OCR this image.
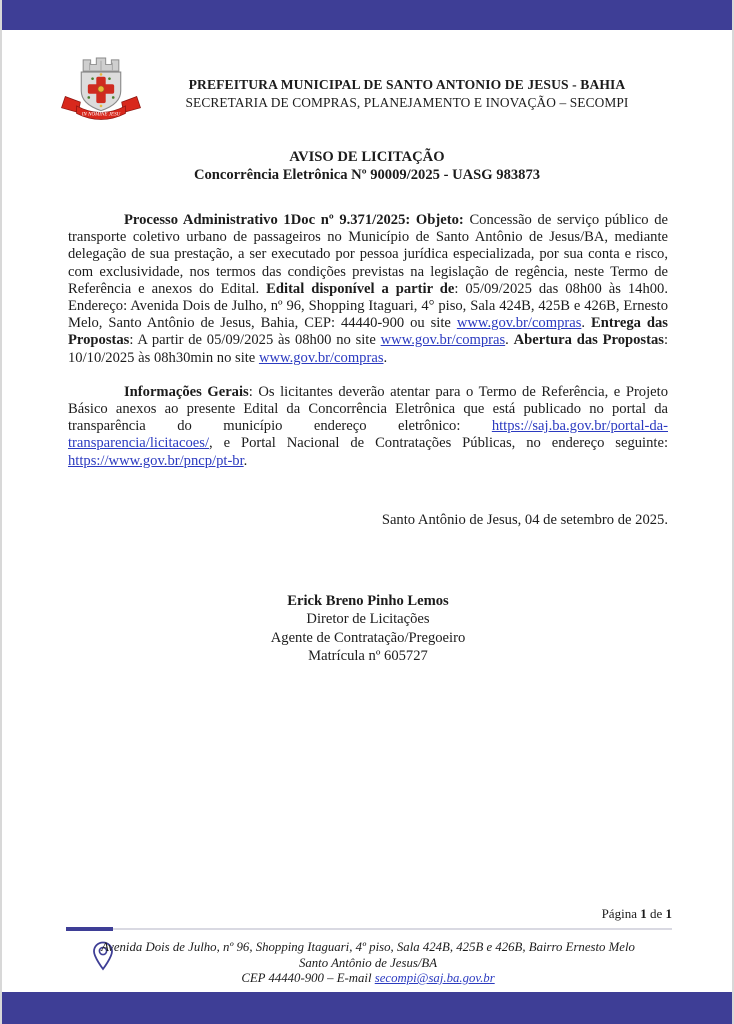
IN NOMINE JESU
PREFEITURA MUNICIPAL DE SANTO ANTONIO DE JESUS - BAHIA
SECRETARIA DE COMPRAS, PLANEJAMENTO E INOVAÇÃO – SECOMPI
AVISO DE LICITAÇÃO
Concorrência Eletrônica Nº 90009/2025 - UASG 983873

Processo Administrativo 1Doc nº 9.371/2025: Objeto: Concessão de serviço público de transporte coletivo urbano de passageiros no Município de Santo Antônio de Jesus/BA, mediante delegação de sua prestação, a ser executado por pessoa jurídica especializada, por sua conta e risco, com exclusividade, nos termos das condições previstas na legislação de regência, neste Termo de Referência e anexos do Edital. Edital disponível a partir de: 05/09/2025 das 08h00 às 14h00. Endereço: Avenida Dois de Julho, nº 96, Shopping Itaguari, 4° piso, Sala 424B, 425B e 426B, Ernesto Melo, Santo Antônio de Jesus, Bahia, CEP: 44440-900 ou site www.gov.br/compras. Entrega das Propostas: A partir de 05/09/2025 às 08h00 no site www.gov.br/compras. Abertura das Propostas: 10/10/2025 às 08h30min no site www.gov.br/compras.

Informações Gerais: Os licitantes deverão atentar para o Termo de Referência, e Projeto Básico anexos ao presente Edital da Concorrência Eletrônica que está publicado no portal da transparência do município endereço eletrônico: https://saj.ba.gov.br/portal-da-transparencia/licitacoes/, e Portal Nacional de Contratações Públicas, no endereço seguinte: https://www.gov.br/pncp/pt-br.

Santo Antônio de Jesus, 04 de setembro de 2025.
Erick Breno Pinho Lemos
Diretor de Licitações
Agente de Contratação/Pregoeiro
Matrícula nº 605727
Página 1 de 1
Avenida Dois de Julho, nº 96, Shopping Itaguari, 4º piso, Sala 424B, 425B e 426B, Bairro Ernesto Melo
Santo Antônio de Jesus/BA
CEP 44440-900 – E-mail secompi@saj.ba.gov.br
